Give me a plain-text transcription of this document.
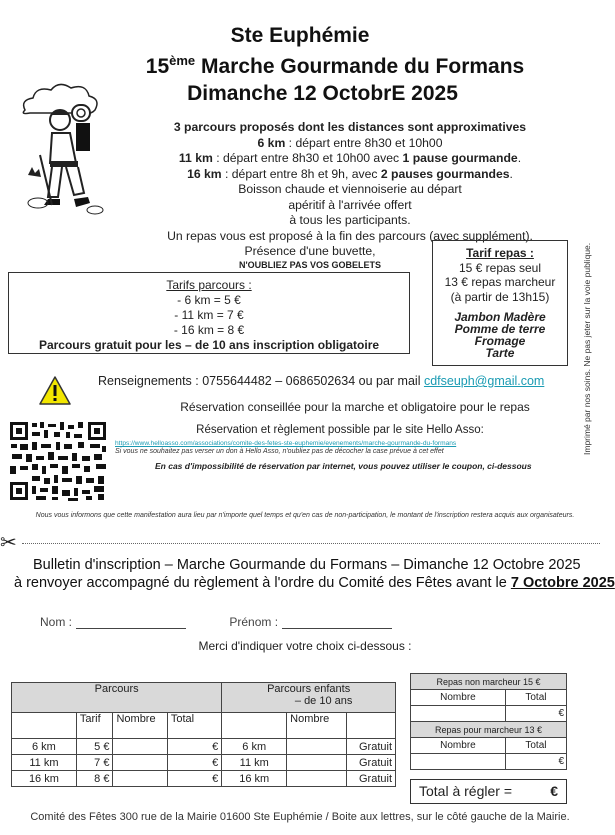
Ste Euphémie
15ème Marche Gourmande du Formans
Dimanche 12 OctobrE 2025
3 parcours proposés dont les distances sont approximatives
6 km : départ entre 8h30 et 10h00
11 km : départ entre 8h30 et 10h00 avec 1 pause gourmande.
16 km : départ entre 8h et 9h, avec 2 pauses gourmandes.
Boisson chaude et viennoiserie au départ
apéritif à l'arrivée offert
à tous les participants.
Un repas vous est proposé à la fin des parcours (avec supplément).
Présence d'une buvette,
N'OUBLIEZ PAS VOS GOBELETS
Tarifs parcours :
- 6 km = 5 €
- 11 km = 7 €
- 16 km = 8 €
Parcours gratuit pour les – de 10 ans inscription obligatoire
Tarif repas :
15 € repas seul
13 € repas marcheur
(à partir de 13h15)
Jambon Madère
Pomme de terre
Fromage
Tarte	Imprimé par nos soins. Ne pas jeter sur la voie publique.
Renseignements : 0755644482 – 0686502634 ou par mail cdfseuph@gmail.com
Réservation conseillée pour la marche et obligatoire pour le repas
Réservation et règlement possible par le site Hello Asso:
https://www.helloasso.com/associations/comite-des-fetes-ste-euphemie/evenements/marche-gourmande-du-formans
Si vous ne souhaitez pas verser un don à Hello Asso, n'oubliez pas de décocher la case prévue à cet effet
En cas d'impossibilité de réservation par internet, vous pouvez utiliser le coupon, ci-dessous
Nous vous informons que cette manifestation aura lieu par n'importe quel temps et qu'en cas de non-participation, le montant de l'inscription restera acquis aux organisateurs.
✂
Bulletin d'inscription – Marche Gourmande du Formans – Dimanche 12 Octobre 2025
à renvoyer accompagné du règlement à l'ordre du Comité des Fêtes avant le 7 Octobre 2025
Nom :	Prénom :
Merci d'indiquer votre choix ci-dessous :
Parcours				Parcours enfants
– de 10 ans		

	Tarif	Nombre	Total		Nombre	
6 km	5 €		€	6 km		Gratuit
11 km	7 €		€	11 km		Gratuit
16 km	8 €		€	16 km		Gratuit
Repas non marcheur 15 €	
Nombre	Total
	€
Repas pour marcheur 13 €	
Nombre	Total
	€
Total à régler =	€
Comité des Fêtes 300 rue de la Mairie 01600 Ste Euphémie / Boite aux lettres, sur le côté gauche de la Mairie.
